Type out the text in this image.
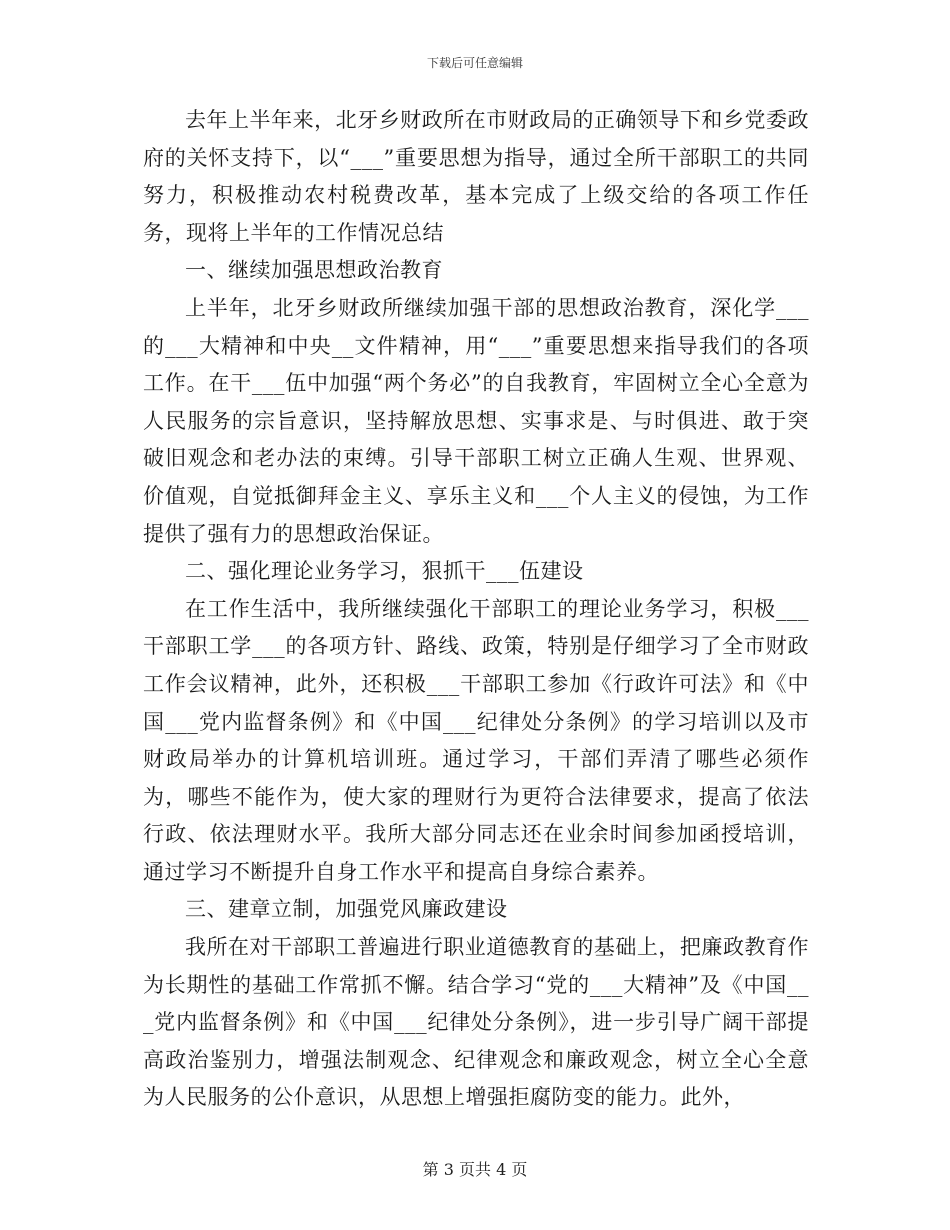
下载后可任意编辑

去年上半年来，北牙乡财政所在市财政局的正确领导下和乡党委政府的关怀支持下，以“___”重要思想为指导，通过全所干部职工的共同努力，积极推动农村税费改革，基本完成了上级交给的各项工作任务，现将上半年的工作情况总结

一、继续加强思想政治教育

上半年，北牙乡财政所继续加强干部的思想政治教育，深化学___的___大精神和中央__文件精神，用“___”重要思想来指导我们的各项工作。在干___伍中加强“两个务必”的自我教育，牢固树立全心全意为人民服务的宗旨意识，坚持解放思想、实事求是、与时俱进、敢于突破旧观念和老办法的束缚。引导干部职工树立正确人生观、世界观、价值观，自觉抵御拜金主义、享乐主义和___个人主义的侵蚀，为工作提供了强有力的思想政治保证。

二、强化理论业务学习，狠抓干___伍建设

在工作生活中，我所继续强化干部职工的理论业务学习，积极___干部职工学___的各项方针、路线、政策，特别是仔细学习了全市财政工作会议精神，此外，还积极___干部职工参加《行政许可法》和《中国___党内监督条例》和《中国___纪律处分条例》的学习培训以及市财政局举办的计算机培训班。通过学习，干部们弄清了哪些必须作为，哪些不能作为，使大家的理财行为更符合法律要求，提高了依法行政、依法理财水平。我所大部分同志还在业余时间参加函授培训，通过学习不断提升自身工作水平和提高自身综合素养。

三、建章立制，加强党风廉政建设

我所在对干部职工普遍进行职业道德教育的基础上，把廉政教育作为长期性的基础工作常抓不懈。结合学习“党的___大精神”及《中国___党内监督条例》和《中国___纪律处分条例》，进一步引导广阔干部提高政治鉴别力，增强法制观念、纪律观念和廉政观念，树立全心全意为人民服务的公仆意识，从思想上增强拒腐防变的能力。此外，

第 3 页共 4 页
